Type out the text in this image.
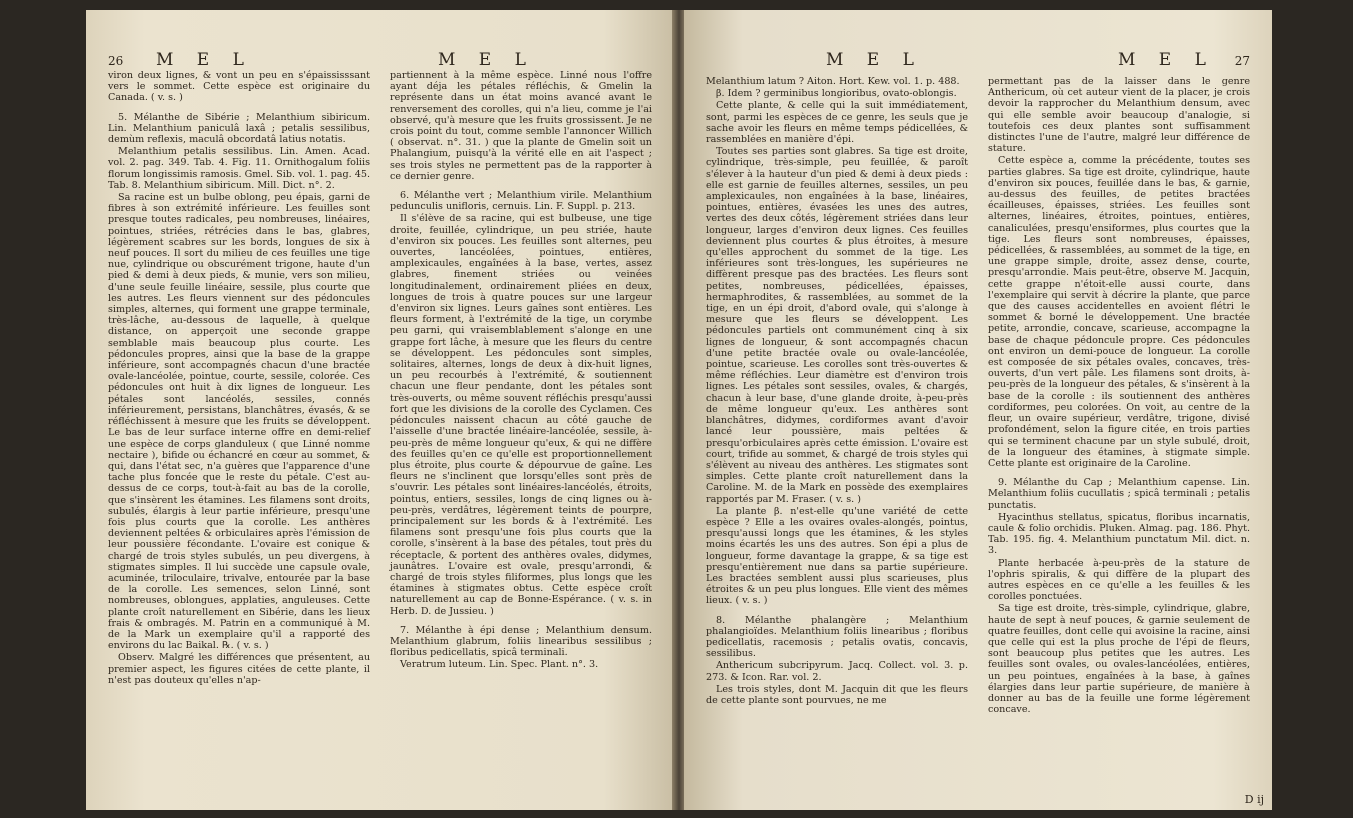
26 M E L	M E L

viron deux lignes, & vont un peu en s'épaississsant vers le sommet. Cette espèce est originaire du Canada. ( v. s. )

5. Mélanthe de Sibérie ; Melanthium sibiricum. Lin. Melanthium paniculâ laxâ ; petalis sessilibus, demùm reflexis, maculâ obcordatâ latius notatis.

Melanthium petalis sessilibus. Lin. Amen. Acad. vol. 2. pag. 349. Tab. 4. Fig. 11. Ornithogalum foliis florum longissimis ramosis. Gmel. Sib. vol. 1. pag. 45. Tab. 8. Melanthium sibiricum. Mill. Dict. n°. 2.

Sa racine est un bulbe oblong, peu épais, garni de fibres à son extrémité inférieure. Les feuilles sont presque toutes radicales, peu nombreuses, linéaires, pointues, striées, rétrécies dans le bas, glabres, légèrement scabres sur les bords, longues de six à neuf pouces. Il sort du milieu de ces feuilles une tige nue, cylindrique ou obscurément trigone, haute d'un pied & demi à deux pieds, & munie, vers son milieu, d'une seule feuille linéaire, sessile, plus courte que les autres. Les fleurs viennent sur des pédoncules simples, alternes, qui forment une grappe terminale, très-lâche, au-dessous de laquelle, à quelque distance, on apperçoit une seconde grappe semblable mais beaucoup plus courte. Les pédoncules propres, ainsi que la base de la grappe inférieure, sont accompagnés chacun d'une bractée ovale-lancéolée, pointue, courte, sessile, colorée. Ces pédoncules ont huit à dix lignes de longueur. Les pétales sont lancéolés, sessiles, connés inférieurement, persistans, blanchâtres, évasés, & se réfléchissent à mesure que les fruits se développent. Le bas de leur surface interne offre en demi-relief une espèce de corps glanduleux ( que Linné nomme nectaire ), bifide ou échancré en cœur au sommet, & qui, dans l'état sec, n'a guères que l'apparence d'une tache plus foncée que le reste du pétale. C'est au-dessus de ce corps, tout-à-fait au bas de la corolle, que s'insèrent les étamines. Les filamens sont droits, subulés, élargis à leur partie inférieure, presqu'une fois plus courts que la corolle. Les anthères deviennent peltées & orbiculaires après l'émission de leur poussière fécondante. L'ovaire est conique & chargé de trois styles subulés, un peu divergens, à stigmates simples. Il lui succède une capsule ovale, acuminée, triloculaire, trivalve, entourée par la base de la corolle. Les semences, selon Linné, sont nombreuses, oblongues, applaties, anguleuses. Cette plante croît naturellement en Sibérie, dans les lieux frais & ombragés. M. Patrin en a communiqué à M. de la Mark un exemplaire qu'il a rapporté des environs du lac Baikal. ℞. ( v. s. )

Observ. Malgré les différences que présentent, au premier aspect, les figures citées de cette plante, il n'est pas douteux qu'elles n'ap-

partiennent à la même espèce. Linné nous l'offre ayant déja les pétales réfléchis, & Gmelin la représente dans un état moins avancé avant le renversement des corolles, qui n'a lieu, comme je l'ai observé, qu'à mesure que les fruits grossissent. Je ne crois point du tout, comme semble l'annoncer Willich ( observat. n°. 31. ) que la plante de Gmelin soit un Phalangium, puisqu'à la vérité elle en ait l'aspect ; ses trois styles ne permettent pas de la rapporter à ce dernier genre.

6. Mélanthe vert ; Melanthium virile. Melanthium pedunculis unifloris, cernuis. Lin. F. Suppl. p. 213.

Il s'élève de sa racine, qui est bulbeuse, une tige droite, feuillée, cylindrique, un peu striée, haute d'environ six pouces. Les feuilles sont alternes, peu ouvertes, lancéolées, pointues, entières, amplexicaules, engaînées à la base, vertes, assez glabres, finement striées ou veinées longitudinalement, ordinairement pliées en deux, longues de trois à quatre pouces sur une largeur d'environ six lignes. Leurs gaînes sont entières. Les fleurs forment, à l'extrémité de la tige, un corymbe peu garni, qui vraisemblablement s'alonge en une grappe fort lâche, à mesure que les fleurs du centre se développent. Les pédoncules sont simples, solitaires, alternes, longs de deux à dix-huit lignes, un peu recourbés à l'extrémité, & soutiennent chacun une fleur pendante, dont les pétales sont très-ouverts, ou même souvent réfléchis presqu'aussi fort que les divisions de la corolle des Cyclamen. Ces pédoncules naissent chacun au côté gauche de l'aisselle d'une bractée linéaire-lancéolée, sessile, à-peu-près de même longueur qu'eux, & qui ne diffère des feuilles qu'en ce qu'elle est proportionnellement plus étroite, plus courte & dépourvue de gaîne. Les fleurs ne s'inclinent que lorsqu'elles sont près de s'ouvrir. Les pétales sont linéaires-lancéolés, étroits, pointus, entiers, sessiles, longs de cinq lignes ou à-peu-près, verdâtres, légèrement teints de pourpre, principalement sur les bords & à l'extrémité. Les filamens sont presqu'une fois plus courts que la corolle, s'insèrent à la base des pétales, tout près du réceptacle, & portent des anthères ovales, didymes, jaunâtres. L'ovaire est ovale, presqu'arrondi, & chargé de trois styles filiformes, plus longs que les étamines à stigmates obtus. Cette espèce croît naturellement au cap de Bonne-Espérance. ( v. s. in Herb. D. de Jussieu. )

7. Mélanthe à épi dense ; Melanthium densum. Melanthium glabrum, foliis linearibus sessilibus ; floribus pedicellatis, spicâ terminali.

Veratrum luteum. Lin. Spec. Plant. n°. 3.

M E L	M E L 27

Melanthium latum ? Aiton. Hort. Kew. vol. 1. p. 488.

β. Idem ? germinibus longioribus, ovato-oblongis.

Cette plante, & celle qui la suit immédiatement, sont, parmi les espèces de ce genre, les seuls que je sache avoir les fleurs en même temps pédicellées, & rassemblées en manière d'épi.

Toutes ses parties sont glabres. Sa tige est droite, cylindrique, très-simple, peu feuillée, & paroît s'élever à la hauteur d'un pied & demi à deux pieds : elle est garnie de feuilles alternes, sessiles, un peu amplexicaules, non engaînées à la base, linéaires, pointues, entières, évasées les unes des autres, vertes des deux côtés, légèrement striées dans leur longueur, larges d'environ deux lignes. Ces feuilles deviennent plus courtes & plus étroites, à mesure qu'elles approchent du sommet de la tige. Les inférieures sont très-longues, les supérieures ne diffèrent presque pas des bractées. Les fleurs sont petites, nombreuses, pédicellées, épaisses, hermaphrodites, & rassemblées, au sommet de la tige, en un épi droit, d'abord ovale, qui s'alonge à mesure que les fleurs se développent. Les pédoncules partiels ont communément cinq à six lignes de longueur, & sont accompagnés chacun d'une petite bractée ovale ou ovale-lancéolée, pointue, scarieuse. Les corolles sont très-ouvertes & même réfléchies. Leur diamètre est d'environ trois lignes. Les pétales sont sessiles, ovales, & chargés, chacun à leur base, d'une glande droite, à-peu-près de même longueur qu'eux. Les anthères sont blanchâtres, didymes, cordiformes avant d'avoir lancé leur poussière, mais peltées & presqu'orbiculaires après cette émission. L'ovaire est court, trifide au sommet, & chargé de trois styles qui s'élèvent au niveau des anthères. Les stigmates sont simples. Cette plante croît naturellement dans la Caroline. M. de la Mark en possède des exemplaires rapportés par M. Fraser. ( v. s. )

La plante β. n'est-elle qu'une variété de cette espèce ? Elle a les ovaires ovales-alongés, pointus, presqu'aussi longs que les étamines, & les styles moins écartés les uns des autres. Son épi a plus de longueur, forme davantage la grappe, & sa tige est presqu'entièrement nue dans sa partie supérieure. Les bractées semblent aussi plus scarieuses, plus étroites & un peu plus longues. Elle vient des mêmes lieux. ( v. s. )

8. Mélanthe phalangère ; Melanthium phalangioïdes. Melanthium foliis linearibus ; floribus pedicellatis, racemosis ; petalis ovatis, concavis, sessilibus.

Anthericum subcripyrum. Jacq. Collect. vol. 3. p. 273. & Icon. Rar. vol. 2.

Les trois styles, dont M. Jacquin dit que les fleurs de cette plante sont pourvues, ne me

permettant pas de la laisser dans le genre Anthericum, où cet auteur vient de la placer, je crois devoir la rapprocher du Melanthium densum, avec qui elle semble avoir beaucoup d'analogie, si toutefois ces deux plantes sont suffisamment distinctes l'une de l'autre, malgré leur différence de stature.

Cette espèce a, comme la précédente, toutes ses parties glabres. Sa tige est droite, cylindrique, haute d'environ six pouces, feuillée dans le bas, & garnie, au-dessus des feuilles, de petites bractées écailleuses, épaisses, striées. Les feuilles sont alternes, linéaires, étroites, pointues, entières, canaliculées, presqu'ensiformes, plus courtes que la tige. Les fleurs sont nombreuses, épaisses, pédicellées, & rassemblées, au sommet de la tige, en une grappe simple, droite, assez dense, courte, presqu'arrondie. Mais peut-être, observe M. Jacquin, cette grappe n'étoit-elle aussi courte, dans l'exemplaire qui servit à décrire la plante, que parce que des causes accidentelles en avoient flétri le sommet & borné le développement. Une bractée petite, arrondie, concave, scarieuse, accompagne la base de chaque pédoncule propre. Ces pédoncules ont environ un demi-pouce de longueur. La corolle est composée de six pétales ovales, concaves, très-ouverts, d'un vert pâle. Les filamens sont droits, à-peu-près de la longueur des pétales, & s'insèrent à la base de la corolle : ils soutiennent des anthères cordiformes, peu colorées. On voit, au centre de la fleur, un ovaire supérieur, verdâtre, trigone, divisé profondément, selon la figure citée, en trois parties qui se terminent chacune par un style subulé, droit, de la longueur des étamines, à stigmate simple. Cette plante est originaire de la Caroline.

9. Mélanthe du Cap ; Melanthium capense. Lin. Melanthium foliis cucullatis ; spicâ terminali ; petalis punctatis.

Hyacinthus stellatus, spicatus, floribus incarnatis, caule & folio orchidis. Pluken. Almag. pag. 186. Phyt. Tab. 195. fig. 4. Melanthium punctatum Mil. dict. n. 3.

Plante herbacée à-peu-près de la stature de l'ophris spiralis, & qui diffère de la plupart des autres espèces en ce qu'elle a les feuilles & les corolles ponctuées.

Sa tige est droite, très-simple, cylindrique, glabre, haute de sept à neuf pouces, & garnie seulement de quatre feuilles, dont celle qui avoisine la racine, ainsi que celle qui est la plus proche de l'épi de fleurs, sont beaucoup plus petites que les autres. Les feuilles sont ovales, ou ovales-lancéolées, entières, un peu pointues, engaînées à la base, à gaînes élargies dans leur partie supérieure, de manière à donner au bas de la feuille une forme légèrement concave.

D ij
